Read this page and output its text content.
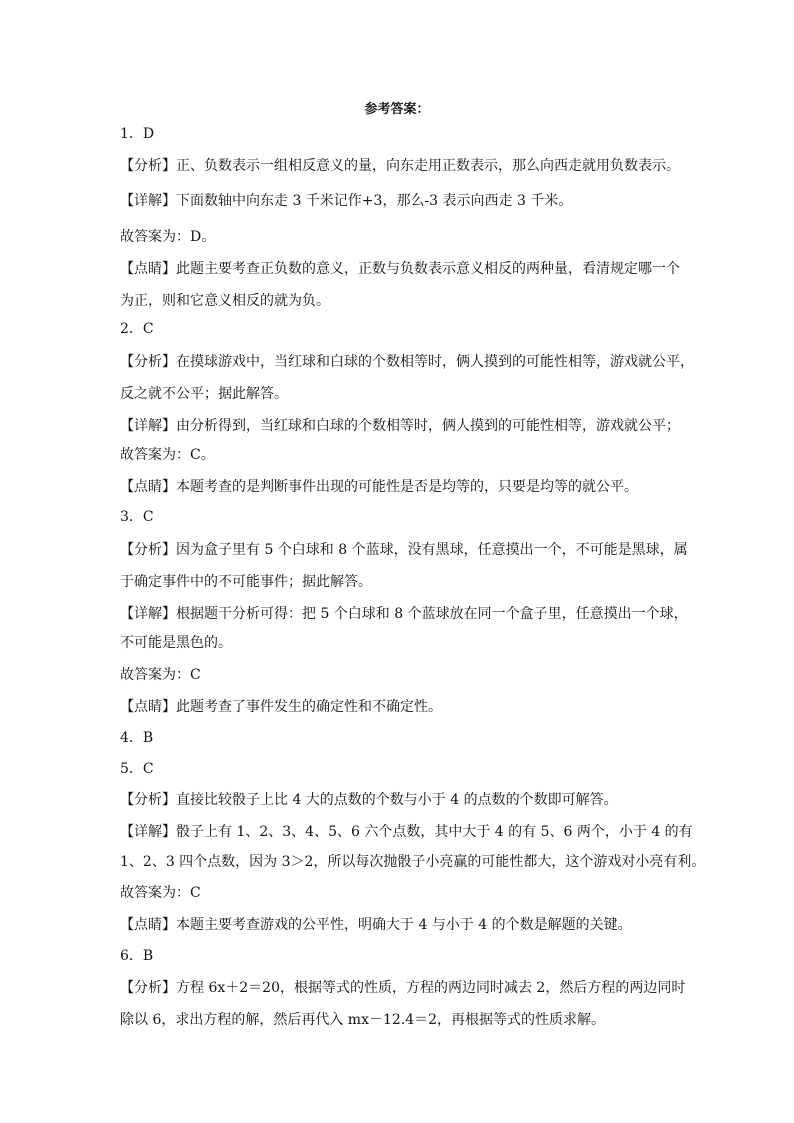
参考答案：
1．D
【分析】正、负数表示一组相反意义的量，向东走用正数表示，那么向西走就用负数表示。
【详解】下面数轴中向东走 3 千米记作+3，那么-3 表示向西走 3 千米。
故答案为：D。
【点睛】此题主要考查正负数的意义，正数与负数表示意义相反的两种量，看清规定哪一个
为正，则和它意义相反的就为负。
2．C
【分析】在摸球游戏中，当红球和白球的个数相等时，俩人摸到的可能性相等，游戏就公平，
反之就不公平；据此解答。
【详解】由分析得到，当红球和白球的个数相等时，俩人摸到的可能性相等，游戏就公平；
故答案为：C。
【点睛】本题考查的是判断事件出现的可能性是否是均等的，只要是均等的就公平。
3．C
【分析】因为盒子里有 5 个白球和 8 个蓝球，没有黑球，任意摸出一个，不可能是黑球，属
于确定事件中的不可能事件；据此解答。
【详解】根据题干分析可得：把 5 个白球和 8 个蓝球放在同一个盒子里，任意摸出一个球，
不可能是黑色的。
故答案为：C
【点睛】此题考查了事件发生的确定性和不确定性。
4．B
5．C
【分析】直接比较骰子上比 4 大的点数的个数与小于 4 的点数的个数即可解答。
【详解】骰子上有 1、2、3、4、5、6 六个点数，其中大于 4 的有 5、6 两个，小于 4 的有
1、2、3 四个点数，因为 3＞2，所以每次抛骰子小亮赢的可能性都大，这个游戏对小亮有利。
故答案为：C
【点睛】本题主要考查游戏的公平性，明确大于 4 与小于 4 的个数是解题的关键。
6．B
【分析】方程 6x＋2＝20，根据等式的性质，方程的两边同时减去 2，然后方程的两边同时
除以 6，求出方程的解，然后再代入 mx－12.4＝2，再根据等式的性质求解。
